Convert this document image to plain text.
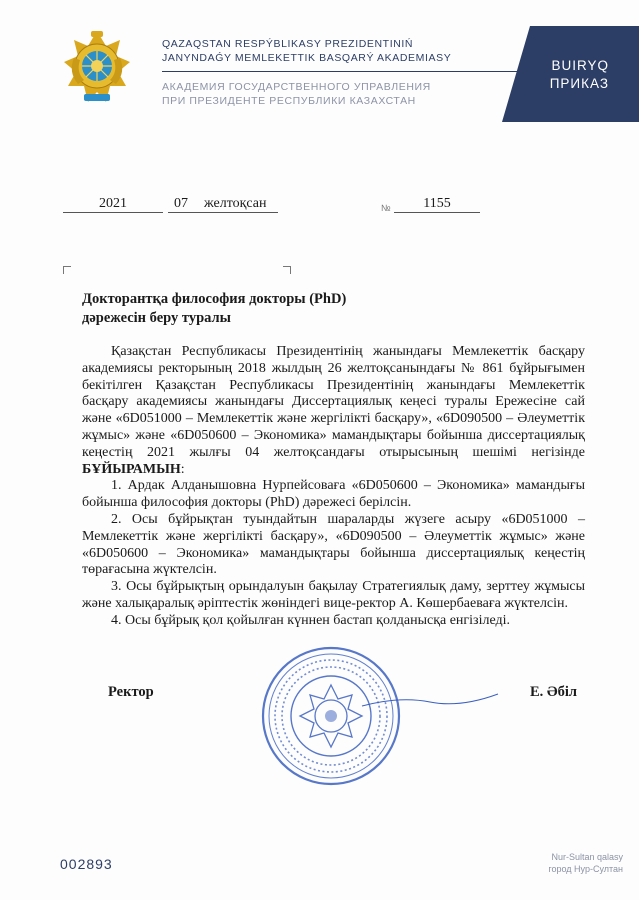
QAZAQSTAN RESPÝBLIKASY PREZIDENTINIŃ
JANYNDAǴY MEMLEKETTIK BASQARÝ AKADEMIASY
АКАДЕМИЯ ГОСУДАРСТВЕННОГО УПРАВЛЕНИЯ
ПРИ ПРЕЗИДЕНТЕ РЕСПУБЛИКИ КАЗАХСТАН
BUIRYQ
ПРИКАЗ
2021	07 желтоқсан	№	1155
Докторантқа философия докторы (PhD)
дәрежесін беру туралы

Қазақстан Республикасы Президентінің жанындағы Мемлекеттік басқару академиясы ректорының 2018 жылдың 26 желтоқсанындағы № 861 бұйрығымен бекітілген Қазақстан Республикасы Президентінің жанындағы Мемлекеттік басқару академиясы жанындағы Диссертациялық кеңесі туралы Ережесіне сай және «6D051000 – Мемлекеттік және жергілікті басқару», «6D090500 – Әлеуметтік жұмыс» және «6D050600 – Экономика» мамандықтары бойынша диссертациялық кеңестің 2021 жылғы 04 желтоқсандағы отырысының шешімі негізінде БҰЙЫРАМЫН:

1. Ардак Алданышовна Нурпейсоваға «6D050600 – Экономика» мамандығы бойынша философия докторы (PhD) дәрежесі берілсін.

2. Осы бұйрықтан туындайтын шараларды жүзеге асыру «6D051000 – Мемлекеттік және жергілікті басқару», «6D090500 – Әлеуметтік жұмыс» және «6D050600 – Экономика» мамандықтары бойынша диссертациялық кеңестің төрағасына жүктелсін.

3. Осы бұйрықтың орындалуын бақылау Стратегиялық даму, зерттеу жұмысы және халықаралық әріптестік жөніндегі вице-ректор А. Көшербаеваға жүктелсін.

4. Осы бұйрық қол қойылған күннен бастап қолданысқа енгізіледі.

Ректор	Е. Әбіл
002893	Nur-Sultan qalasy
город Нур-Султан
